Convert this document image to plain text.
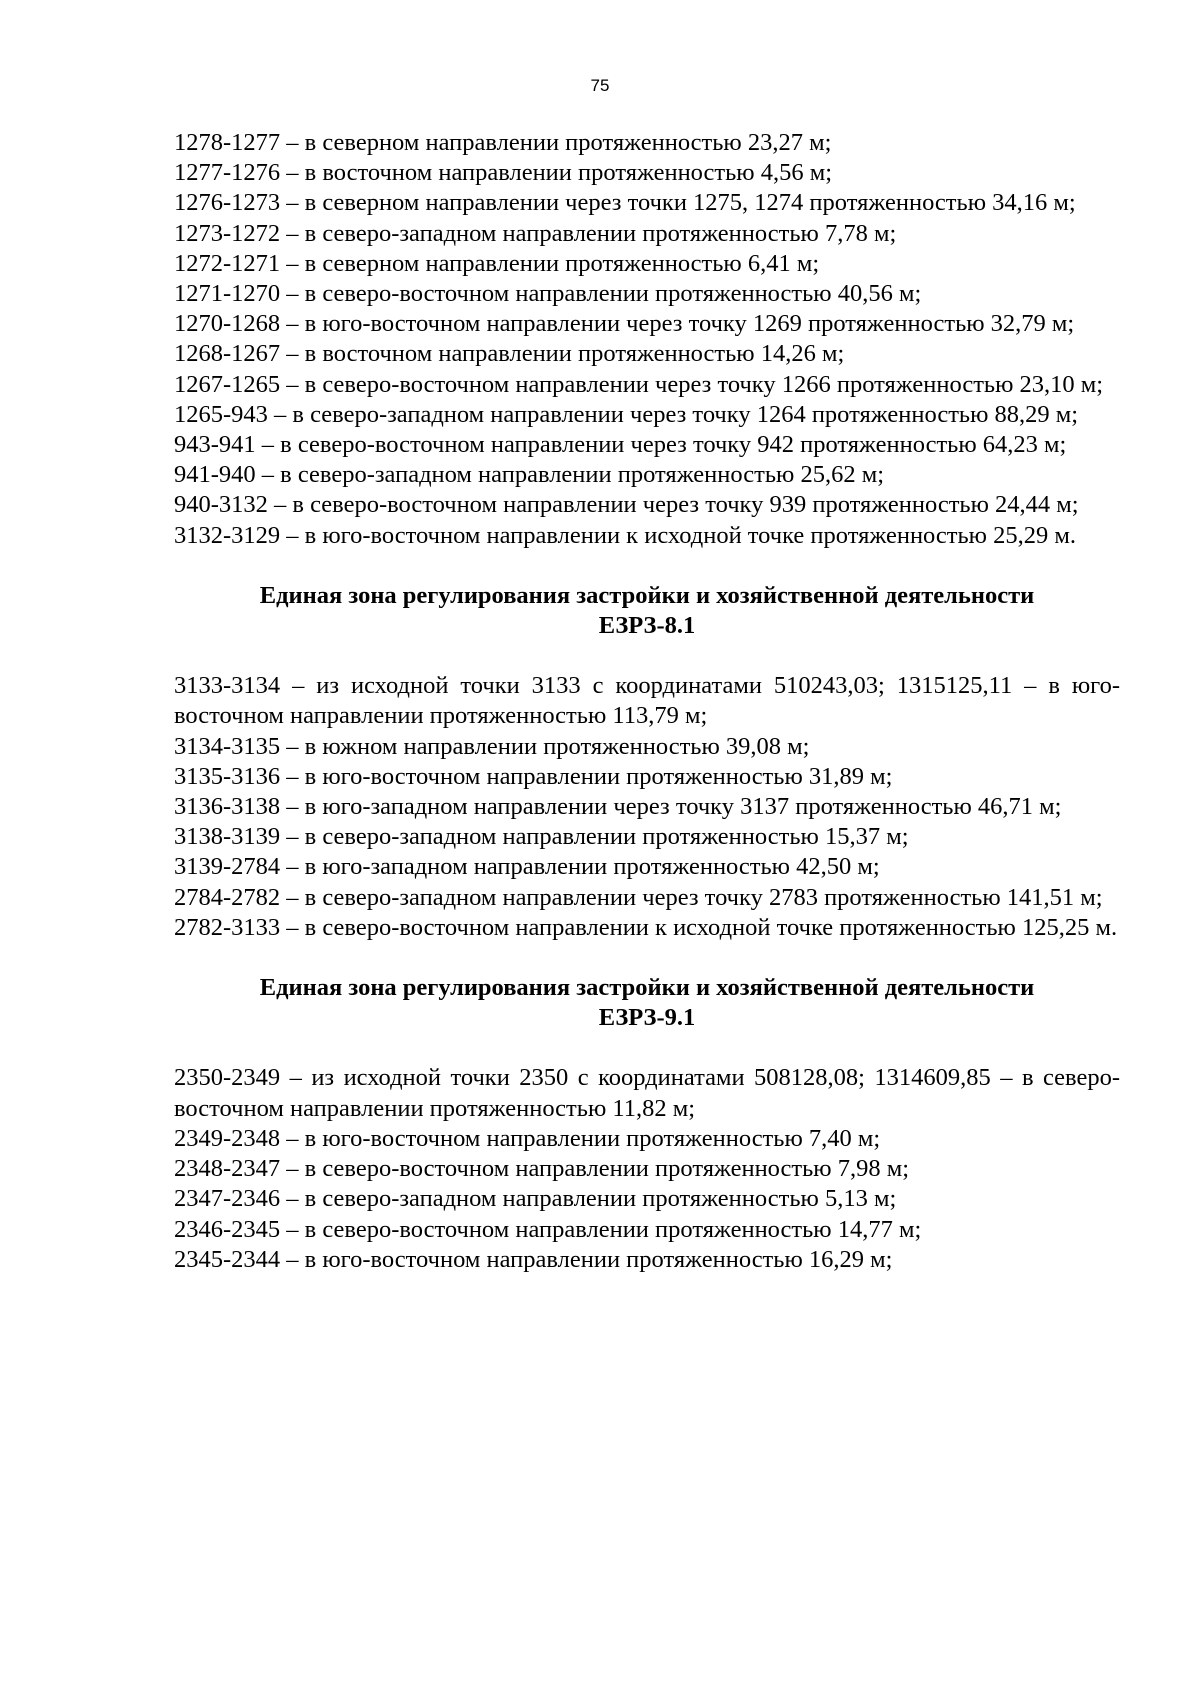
75

1278-1277 – в северном направлении протяженностью 23,27 м;

1277-1276 – в восточном направлении протяженностью 4,56 м;

1276-1273 – в северном направлении через точки 1275, 1274 протяженностью 34,16 м;

1273-1272 – в северо-западном направлении протяженностью 7,78 м;

1272-1271 – в северном направлении протяженностью 6,41 м;

1271-1270 – в северо-восточном направлении протяженностью 40,56 м;

1270-1268 – в юго-восточном направлении через точку 1269 протяженностью 32,79 м;

1268-1267 – в восточном направлении протяженностью 14,26 м;

1267-1265 – в северо-восточном направлении через точку 1266 протяженностью 23,10 м;

1265-943 – в северо-западном направлении через точку 1264 протяженностью 88,29 м;

943-941 – в северо-восточном направлении через точку 942 протяженностью 64,23 м;

941-940 – в северо-западном направлении протяженностью 25,62 м;

940-3132 – в северо-восточном направлении через точку 939 протяженностью 24,44 м;

3132-3129 – в юго-восточном направлении к исходной точке протяженностью 25,29 м.

Единая зона регулирования застройки и хозяйственной деятельности

ЕЗРЗ-8.1

3133-3134 – из исходной точки 3133 с координатами 510243,03; 1315125,11 – в юго-восточном направлении протяженностью 113,79 м;

3134-3135 – в южном направлении протяженностью 39,08 м;

3135-3136 – в юго-восточном направлении протяженностью 31,89 м;

3136-3138 – в юго-западном направлении через точку 3137 протяженностью 46,71 м;

3138-3139 – в северо-западном направлении протяженностью 15,37 м;

3139-2784 – в юго-западном направлении протяженностью 42,50 м;

2784-2782 – в северо-западном направлении через точку 2783 протяженностью 141,51 м;

2782-3133 – в северо-восточном направлении к исходной точке протяженностью 125,25 м.

Единая зона регулирования застройки и хозяйственной деятельности

ЕЗРЗ-9.1

2350-2349 – из исходной точки 2350 с координатами 508128,08; 1314609,85 – в северо-восточном направлении протяженностью 11,82 м;

2349-2348 – в юго-восточном направлении протяженностью 7,40 м;

2348-2347 – в северо-восточном направлении протяженностью 7,98 м;

2347-2346 – в северо-западном направлении протяженностью 5,13 м;

2346-2345 – в северо-восточном направлении протяженностью 14,77 м;

2345-2344 – в юго-восточном направлении протяженностью 16,29 м;
